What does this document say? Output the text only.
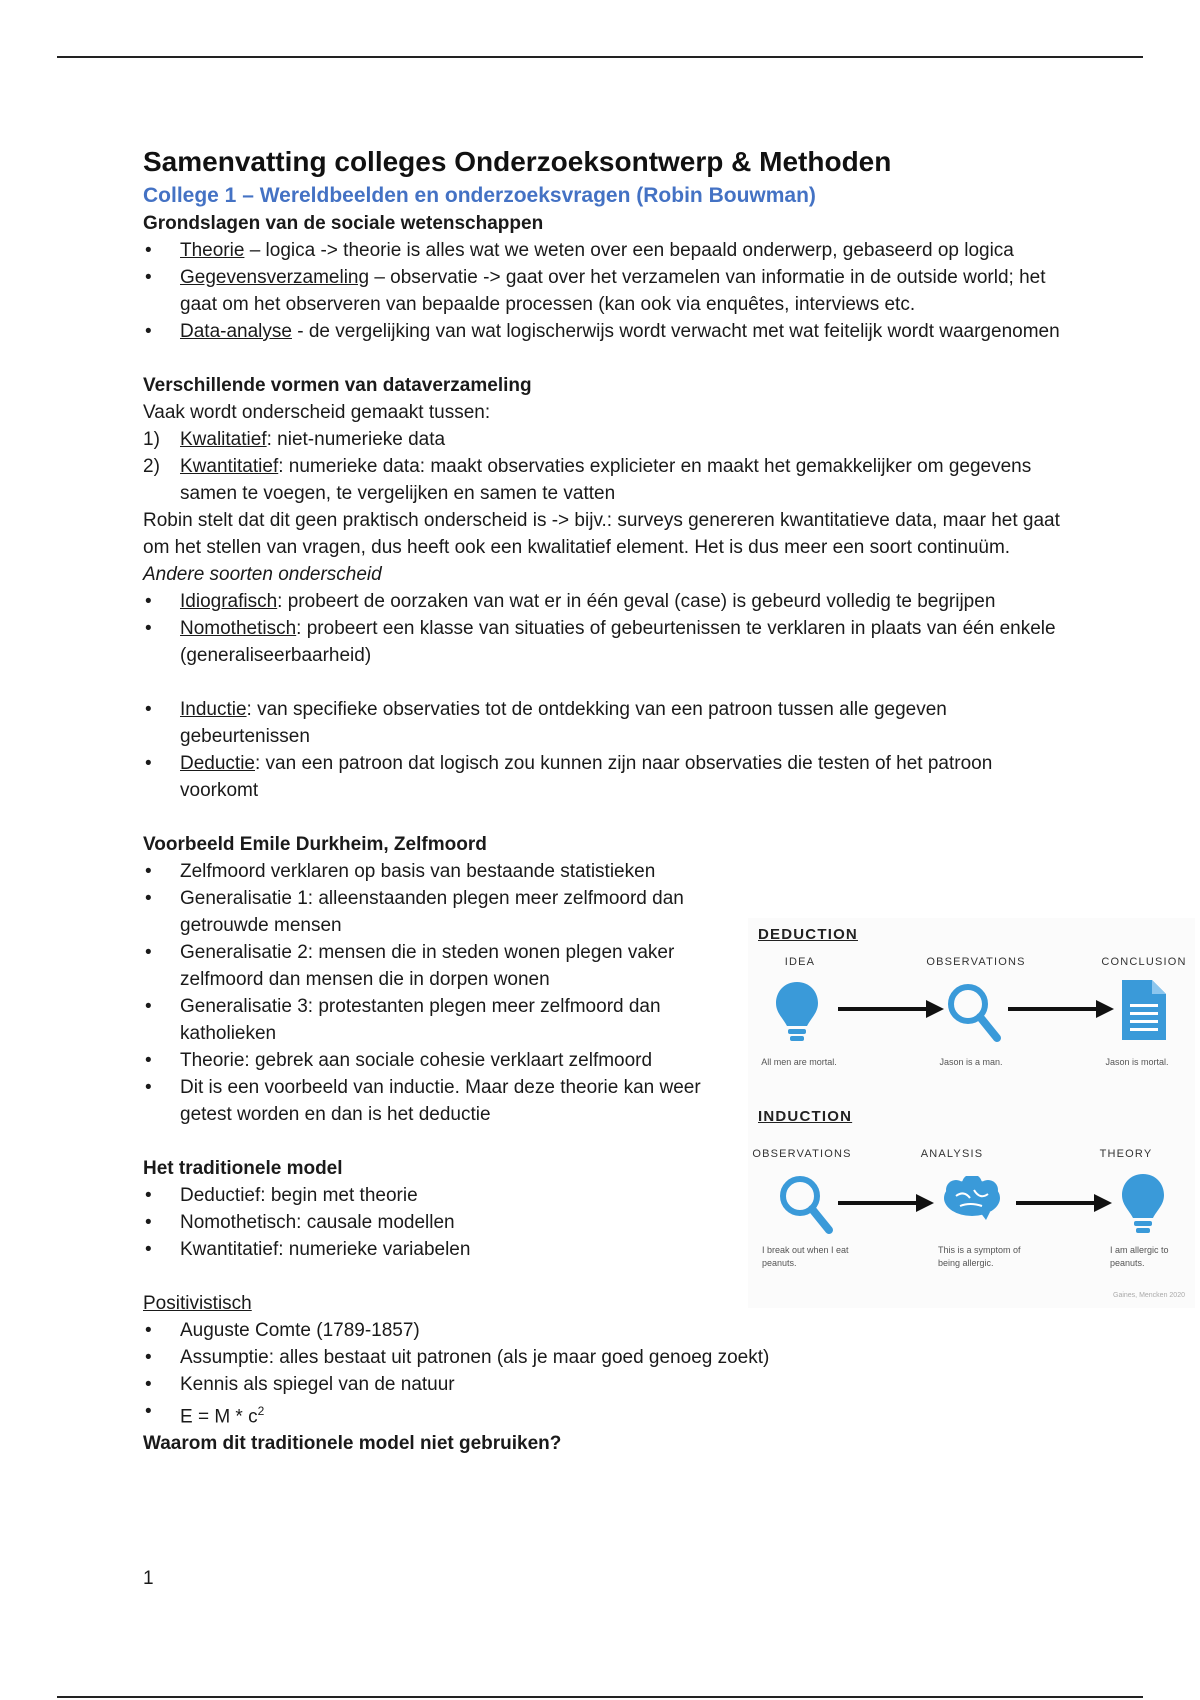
Samenvatting colleges Onderzoeksontwerp & Methoden
College 1 – Wereldbeelden en onderzoeksvragen (Robin Bouwman)
Grondslagen van de sociale wetenschappen
• Theorie – logica -> theorie is alles wat we weten over een bepaald onderwerp, gebaseerd op logica
• Gegevensverzameling – observatie -> gaat over het verzamelen van informatie in de outside world; het gaat om het observeren van bepaalde processen (kan ook via enquêtes, interviews etc.
• Data-analyse - de vergelijking van wat logischerwijs wordt verwacht met wat feitelijk wordt waargenomen
Verschillende vormen van dataverzameling
Vaak wordt onderscheid gemaakt tussen:
1) Kwalitatief: niet-numerieke data
2) Kwantitatief: numerieke data: maakt observaties explicieter en maakt het gemakkelijker om gegevens samen te voegen, te vergelijken en samen te vatten
Robin stelt dat dit geen praktisch onderscheid is -> bijv.: surveys genereren kwantitatieve data, maar het gaat om het stellen van vragen, dus heeft ook een kwalitatief element. Het is dus meer een soort continuüm.
Andere soorten onderscheid
• Idiografisch: probeert de oorzaken van wat er in één geval (case) is gebeurd volledig te begrijpen
• Nomothetisch: probeert een klasse van situaties of gebeurtenissen te verklaren in plaats van één enkele (generaliseerbaarheid)
• Inductie: van specifieke observaties tot de ontdekking van een patroon tussen alle gegeven gebeurtenissen
• Deductie: van een patroon dat logisch zou kunnen zijn naar observaties die testen of het patroon voorkomt
Voorbeeld Emile Durkheim, Zelfmoord
• Zelfmoord verklaren op basis van bestaande statistieken
• Generalisatie 1: alleenstaanden plegen meer zelfmoord dan getrouwde mensen
• Generalisatie 2: mensen die in steden wonen plegen vaker zelfmoord dan mensen die in dorpen wonen
• Generalisatie 3: protestanten plegen meer zelfmoord dan katholieken
• Theorie: gebrek aan sociale cohesie verklaart zelfmoord
• Dit is een voorbeeld van inductie. Maar deze theorie kan weer getest worden en dan is het deductie
Het traditionele model
• Deductief: begin met theorie
• Nomothetisch: causale modellen
• Kwantitatief: numerieke variabelen
Positivistisch
• Auguste Comte (1789-1857)
• Assumptie: alles bestaat uit patronen (als je maar goed genoeg zoekt)
• Kennis als spiegel van de natuur
• $E = M * c^2$
Waarom dit traditionele model niet gebruiken?
1
DEDUCTION
IDEA	OBSERVATIONS	CONCLUSION
All men are mortal.	Jason is a man.	Jason is mortal.
INDUCTION
OBSERVATIONS	ANALYSIS	THEORY
I break out when I eat peanuts.
This is a symptom of being allergic.
I am allergic to peanuts.
Gaines, Mencken 2020
